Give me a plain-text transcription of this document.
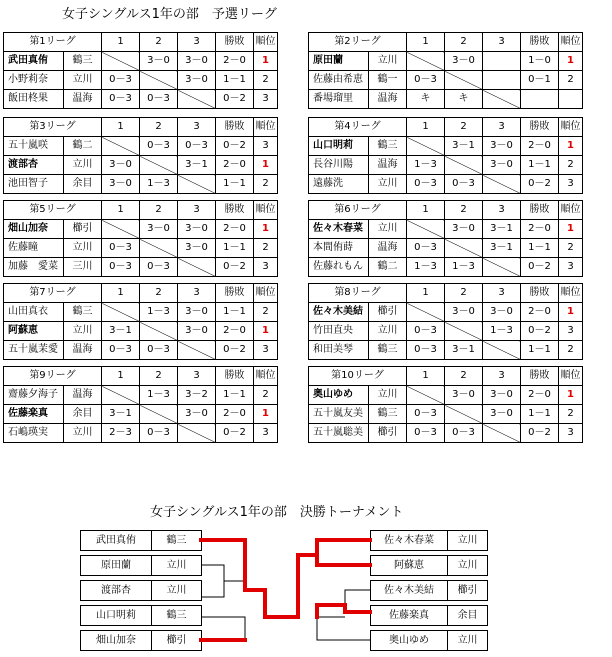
女子シングルス1年の部　予選リーグ
女子シングルス1年の部　決勝トーナメント
第1リーグ		1	2	3	勝敗	順位
武田真侑	鶴三		3－0	3－0	2－0	1
小野莉奈	立川	0－3		3－0	1－1	2
飯田柊果	温海	0－3	0－3		0－2	3
第2リーグ		1	2	3	勝敗	順位
原田蘭	立川		3－0		1－0	1
佐藤由希恵	鶴一	0－3			0－1	2
番場瑠里	温海	キ	キ			
第3リーグ		1	2	3	勝敗	順位
五十嵐咲	鶴二		0－3	0－3	0－2	3
渡部杏	立川	3－0		3－1	2－0	1
池田智子	余目	3－0	1－3		1－1	2
第4リーグ		1	2	3	勝敗	順位
山口明莉	鶴三		3－1	3－0	2－0	1
長谷川陽	温海	1－3		3－0	1－1	2
遠藤洗	立川	0－3	0－3		0－2	3
第5リーグ		1	2	3	勝敗	順位
畑山加奈	櫛引		3－0	3－0	2－0	1
佐藤瞳	立川	0－3		3－0	1－1	2
加藤　愛菜	三川	0－3	0－3		0－2	3
第6リーグ		1	2	3	勝敗	順位
佐々木春菜	立川		3－0	3－1	2－0	1
本間侑蒔	温海	0－3		3－1	1－1	2
佐藤れもん	鶴二	1－3	1－3		0－2	3
第7リーグ		1	2	3	勝敗	順位
山田真衣	鶴三		1－3	3－0	1－1	2
阿蘇恵	立川	3－1		3－0	2－0	1
五十嵐茉愛	温海	0－3	0－3		0－2	3
第8リーグ		1	2	3	勝敗	順位
佐々木美結	櫛引		3－0	3－0	2－0	1
竹田直央	立川	0－3		1－3	0－2	3
和田美琴	鶴三	0－3	3－1		1－1	2
第9リーグ		1	2	3	勝敗	順位
齋藤夕海子	温海		1－3	3－2	1－1	2
佐藤楽真	余目	3－1		3－0	2－0	1
石嶋瑛実	立川	2－3	0－3		0－2	3
第10リーグ		1	2	3	勝敗	順位
奥山ゆめ	立川		3－0	3－0	2－0	1
五十嵐友美	鶴三	0－3		3－0	1－1	2
五十嵐聡美	櫛引	0－3	0－3		0－2	3
武田真侑	鶴三
原田蘭	立川
渡部杏	立川
山口明莉	鶴三
畑山加奈	櫛引
佐々木春菜	立川
阿蘇恵	立川
佐々木美結	櫛引
佐藤楽真	余目
奥山ゆめ	立川
